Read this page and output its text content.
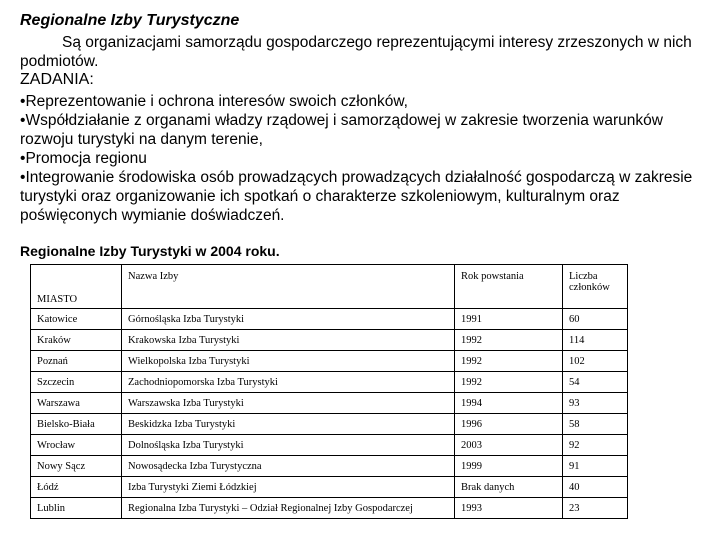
Regionalne Izby Turystyczne
Są organizacjami samorządu gospodarczego reprezentującymi interesy zrzeszonych w nich podmiotów.
ZADANIA:
•Reprezentowanie i ochrona interesów swoich członków,
•Współdziałanie z organami władzy rządowej i samorządowej w zakresie tworzenia warunków rozwoju turystyki na danym terenie,
•Promocja regionu
•Integrowanie środowiska osób prowadzących prowadzących działalność gospodarczą w zakresie turystyki oraz organizowanie ich spotkań o charakterze szkoleniowym, kulturalnym oraz poświęconych wymianie doświadczeń.
Regionalne Izby Turystyki w 2004 roku.
MIASTO	Nazwa Izby	Rok powstania	Liczba członków
Katowice	Górnośląska Izba Turystyki	1991	60
Kraków	Krakowska Izba Turystyki	1992	114
Poznań	Wielkopolska Izba Turystyki	1992	102
Szczecin	Zachodniopomorska Izba Turystyki	1992	54
Warszawa	Warszawska Izba Turystyki	1994	93
Bielsko-Biała	Beskidzka Izba Turystyki	1996	58
Wrocław	Dolnośląska Izba Turystyki	2003	92
Nowy Sącz	Nowosądecka Izba Turystyczna	1999	91
Łódź	Izba Turystyki Ziemi Łódzkiej	Brak danych	40
Lublin	Regionalna Izba Turystyki – Odział Regionalnej Izby Gospodarczej	1993	23
